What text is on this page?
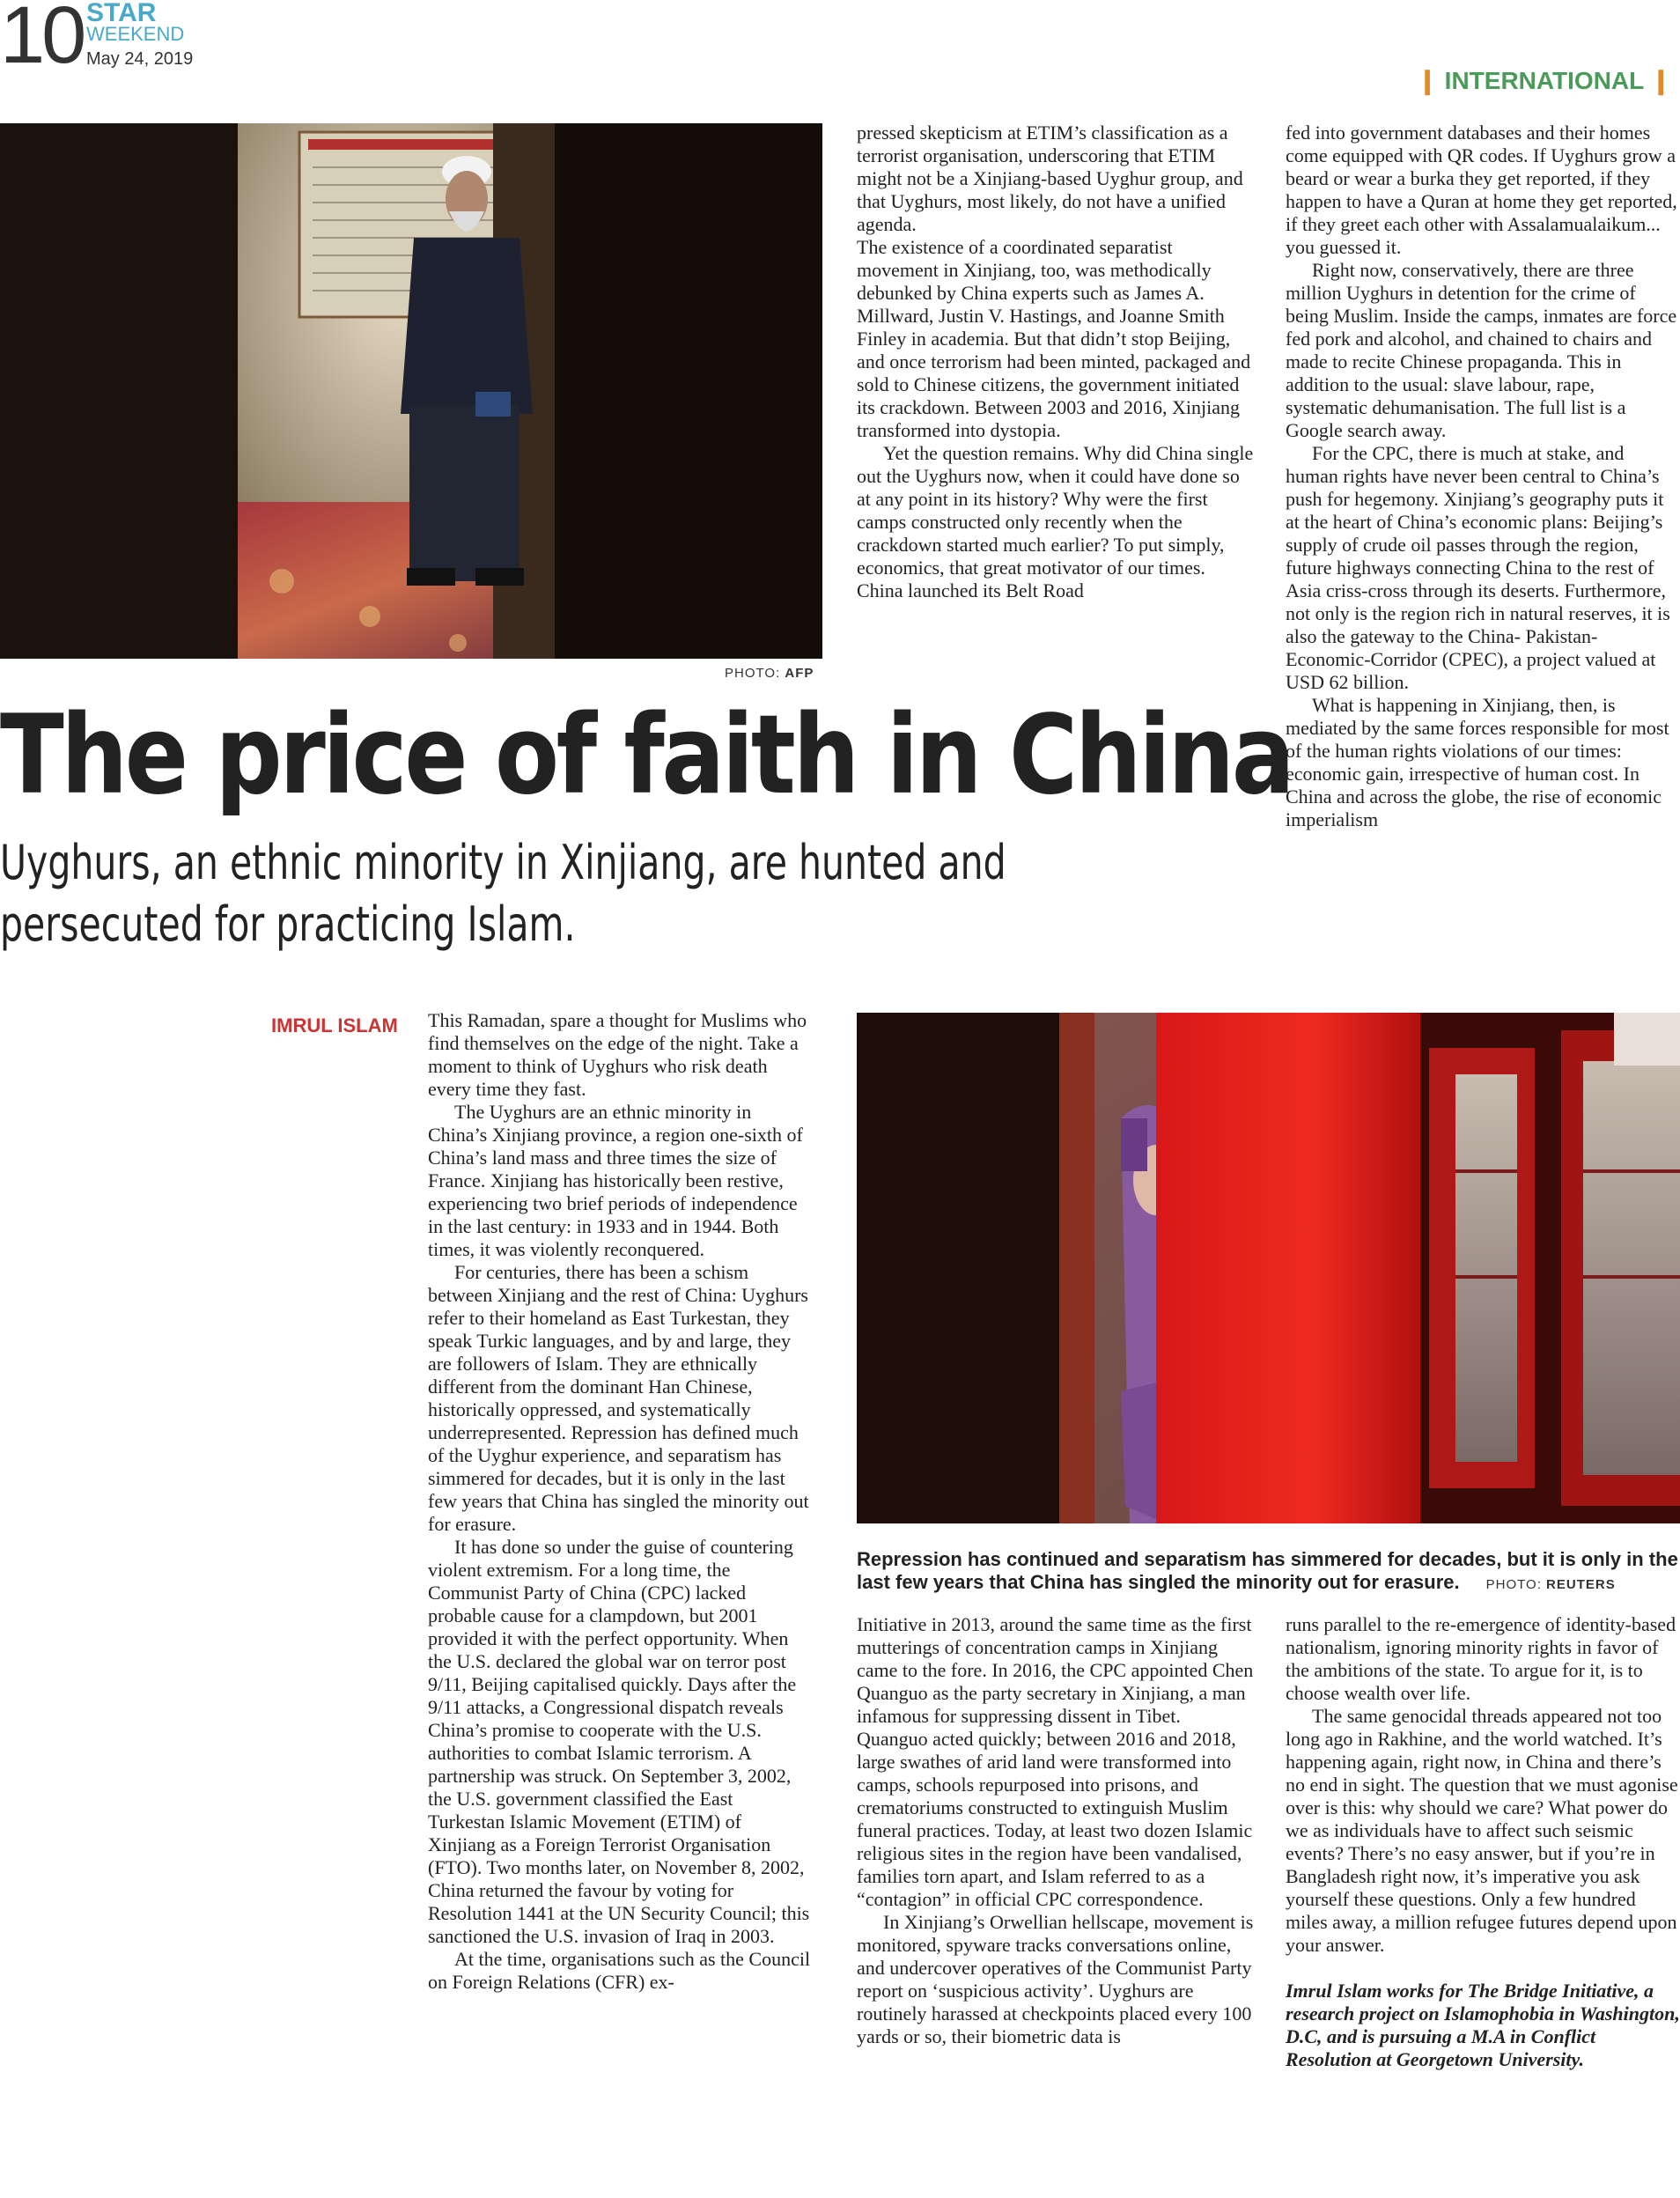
10 STAR
WEEKEND
May 24, 2019
❙ INTERNATIONAL ❙
PHOTO: AFP
The price of faith in China
Uyghurs, an ethnic minority in Xinjiang, are hunted and persecuted for practicing Islam.
IMRUL ISLAM This Ramadan, spare a thought for Muslims who find themselves on the edge of the night. Take a moment to think of Uyghurs who risk death every time they fast.

The Uyghurs are an ethnic minority in China’s Xinjiang province, a region one-sixth of China’s land mass and three times the size of France. Xinjiang has historically been restive, experiencing two brief periods of independence in the last century: in 1933 and in 1944. Both times, it was violently reconquered.

For centuries, there has been a schism between Xinjiang and the rest of China: Uyghurs refer to their homeland as East Turkestan, they speak Turkic languages, and by and large, they are followers of Islam. They are ethnically different from the dominant Han Chinese, historically oppressed, and systematically underrepresented. Repression has defined much of the Uyghur experience, and separatism has simmered for decades, but it is only in the last few years that China has singled the minority out for erasure.

It has done so under the guise of countering violent extremism. For a long time, the Communist Party of China (CPC) lacked probable cause for a clampdown, but 2001 provided it with the perfect opportunity. When the U.S. declared the global war on terror post 9/11, Beijing capitalised quickly. Days after the 9/11 attacks, a Congressional dispatch reveals China’s promise to cooperate with the U.S. authorities to combat Islamic terrorism. A partnership was struck. On September 3, 2002, the U.S. government classified the East Turkestan Islamic Movement (ETIM) of Xinjiang as a Foreign Terrorist Organisation (FTO). Two months later, on November 8, 2002, China returned the favour by voting for Resolution 1441 at the UN Security Council; this sanctioned the U.S. invasion of Iraq in 2003.

At the time, organisations such as the Council on Foreign Relations (CFR) ex-

pressed skepticism at ETIM’s classification as a terrorist organisation, underscoring that ETIM might not be a Xinjiang-based Uyghur group, and that Uyghurs, most likely, do not have a unified agenda.

The existence of a coordinated separatist movement in Xinjiang, too, was methodically debunked by China experts such as James A. Millward, Justin V. Hastings, and Joanne Smith Finley in academia. But that didn’t stop Beijing, and once terrorism had been minted, packaged and sold to Chinese citizens, the government initiated its crackdown. Between 2003 and 2016, Xinjiang transformed into dystopia.

Yet the question remains. Why did China single out the Uyghurs now, when it could have done so at any point in its history? Why were the first camps constructed only recently when the crackdown started much earlier? To put simply, economics, that great motivator of our times. China launched its Belt Road

fed into government databases and their homes come equipped with QR codes. If Uyghurs grow a beard or wear a burka they get reported, if they happen to have a Quran at home they get reported, if they greet each other with Assalamualaikum... you guessed it.

Right now, conservatively, there are three million Uyghurs in detention for the crime of being Muslim. Inside the camps, inmates are force fed pork and alcohol, and chained to chairs and made to recite Chinese propaganda. This in addition to the usual: slave labour, rape, systematic dehumanisation. The full list is a Google search away.

For the CPC, there is much at stake, and human rights have never been central to China’s push for hegemony. Xinjiang’s geography puts it at the heart of China’s economic plans: Beijing’s supply of crude oil passes through the region, future highways connecting China to the rest of Asia criss-cross through its deserts. Furthermore, not only is the region rich in natural reserves, it is also the gateway to the China- Pakistan-Economic-Corridor (CPEC), a project valued at USD 62 billion.

What is happening in Xinjiang, then, is mediated by the same forces responsible for most of the human rights violations of our times: economic gain, irrespective of human cost. In China and across the globe, the rise of economic imperialism

Repression has continued and separatism has simmered for decades, but it is only in the last few years that China has singled the minority out for erasure. PHOTO: REUTERS

Initiative in 2013, around the same time as the first mutterings of concentration camps in Xinjiang came to the fore. In 2016, the CPC appointed Chen Quanguo as the party secretary in Xinjiang, a man infamous for suppressing dissent in Tibet. Quanguo acted quickly; between 2016 and 2018, large swathes of arid land were transformed into camps, schools repurposed into prisons, and crematoriums constructed to extinguish Muslim funeral practices. Today, at least two dozen Islamic religious sites in the region have been vandalised, families torn apart, and Islam referred to as a “contagion” in official CPC correspondence.

In Xinjiang’s Orwellian hellscape, movement is monitored, spyware tracks conversations online, and undercover operatives of the Communist Party report on ‘suspicious activity’. Uyghurs are routinely harassed at checkpoints placed every 100 yards or so, their biometric data is

runs parallel to the re-emergence of identity-based nationalism, ignoring minority rights in favor of the ambitions of the state. To argue for it, is to choose wealth over life.

The same genocidal threads appeared not too long ago in Rakhine, and the world watched. It’s happening again, right now, in China and there’s no end in sight. The question that we must agonise over is this: why should we care? What power do we as individuals have to affect such seismic events? There’s no easy answer, but if you’re in Bangladesh right now, it’s imperative you ask yourself these questions. Only a few hundred miles away, a million refugee futures depend upon your answer.

Imrul Islam works for The Bridge Initiative, a research project on Islamophobia in Washington, D.C, and is pursuing a M.A in Conflict Resolution at Georgetown University.
